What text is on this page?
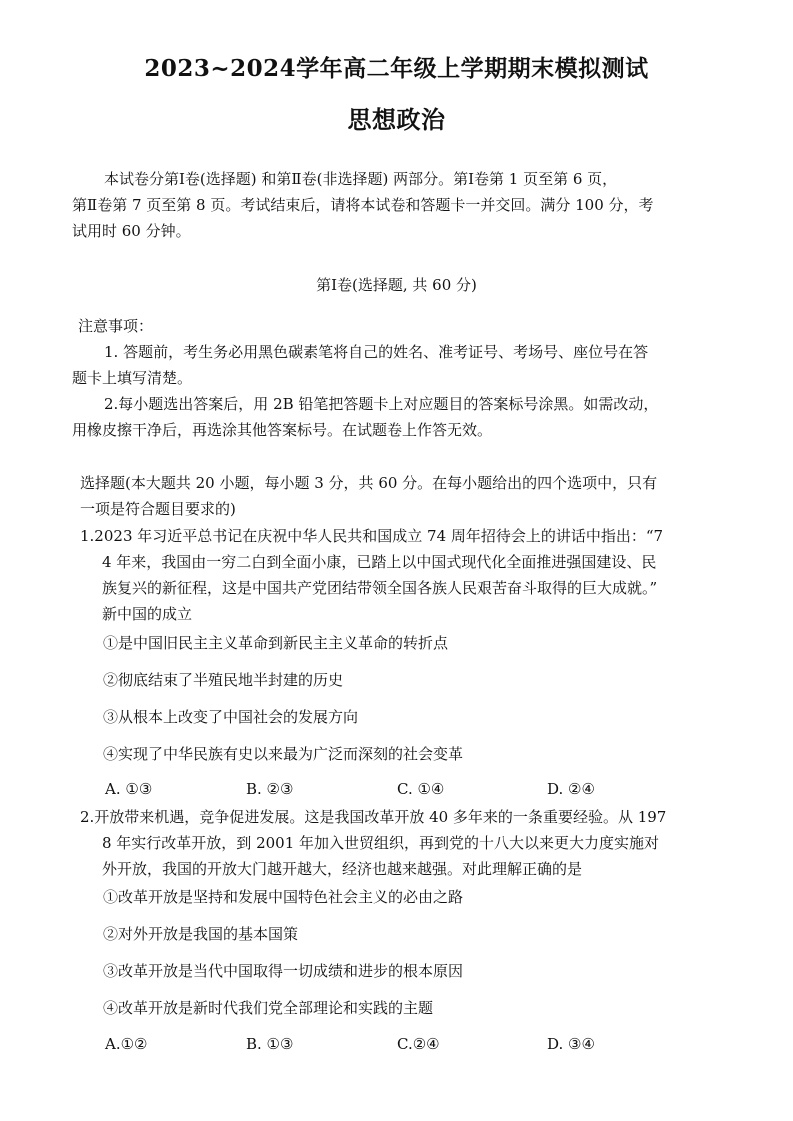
2023~2024学年高二年级上学期期末模拟测试
思想政治

本试卷分第Ⅰ卷(选择题) 和第Ⅱ卷(非选择题) 两部分。第Ⅰ卷第 1 页至第 6 页，

第Ⅱ卷第 7 页至第 8 页。考试结束后，请将本试卷和答题卡一并交回。满分 100 分，考

试用时 60 分钟。

第Ⅰ卷(选择题, 共 60 分)

注意事项：

1. 答题前，考生务必用黑色碳素笔将自己的姓名、准考证号、考场号、座位号在答

题卡上填写清楚。

2.每小题选出答案后，用 2B 铅笔把答题卡上对应题目的答案标号涂黑。如需改动，

用橡皮擦干净后，再选涂其他答案标号。在试题卷上作答无效。

选择题(本大题共 20 小题，每小题 3 分，共 60 分。在每小题给出的四个选项中，只有

一项是符合题目要求的)

1.2023 年习近平总书记在庆祝中华人民共和国成立 74 周年招待会上的讲话中指出：“7

4 年来，我国由一穷二白到全面小康，已踏上以中国式现代化全面推进强国建设、民

族复兴的新征程，这是中国共产党团结带领全国各族人民艰苦奋斗取得的巨大成就。”

新中国的成立

①是中国旧民主主义革命到新民主主义革命的转折点
②彻底结束了半殖民地半封建的历史
③从根本上改变了中国社会的发展方向
④实现了中华民族有史以来最为广泛而深刻的社会变革
A. ①③	B. ②③	C. ①④	D. ②④

2.开放带来机遇，竞争促进发展。这是我国改革开放 40 多年来的一条重要经验。从 197

8 年实行改革开放，到 2001 年加入世贸组织，再到党的十八大以来更大力度实施对

外开放，我国的开放大门越开越大，经济也越来越强。对此理解正确的是

①改革开放是坚持和发展中国特色社会主义的必由之路
②对外开放是我国的基本国策
③改革开放是当代中国取得一切成绩和进步的根本原因
④改革开放是新时代我们党全部理论和实践的主题
A.①②	B. ①③	C.②④	D. ③④
